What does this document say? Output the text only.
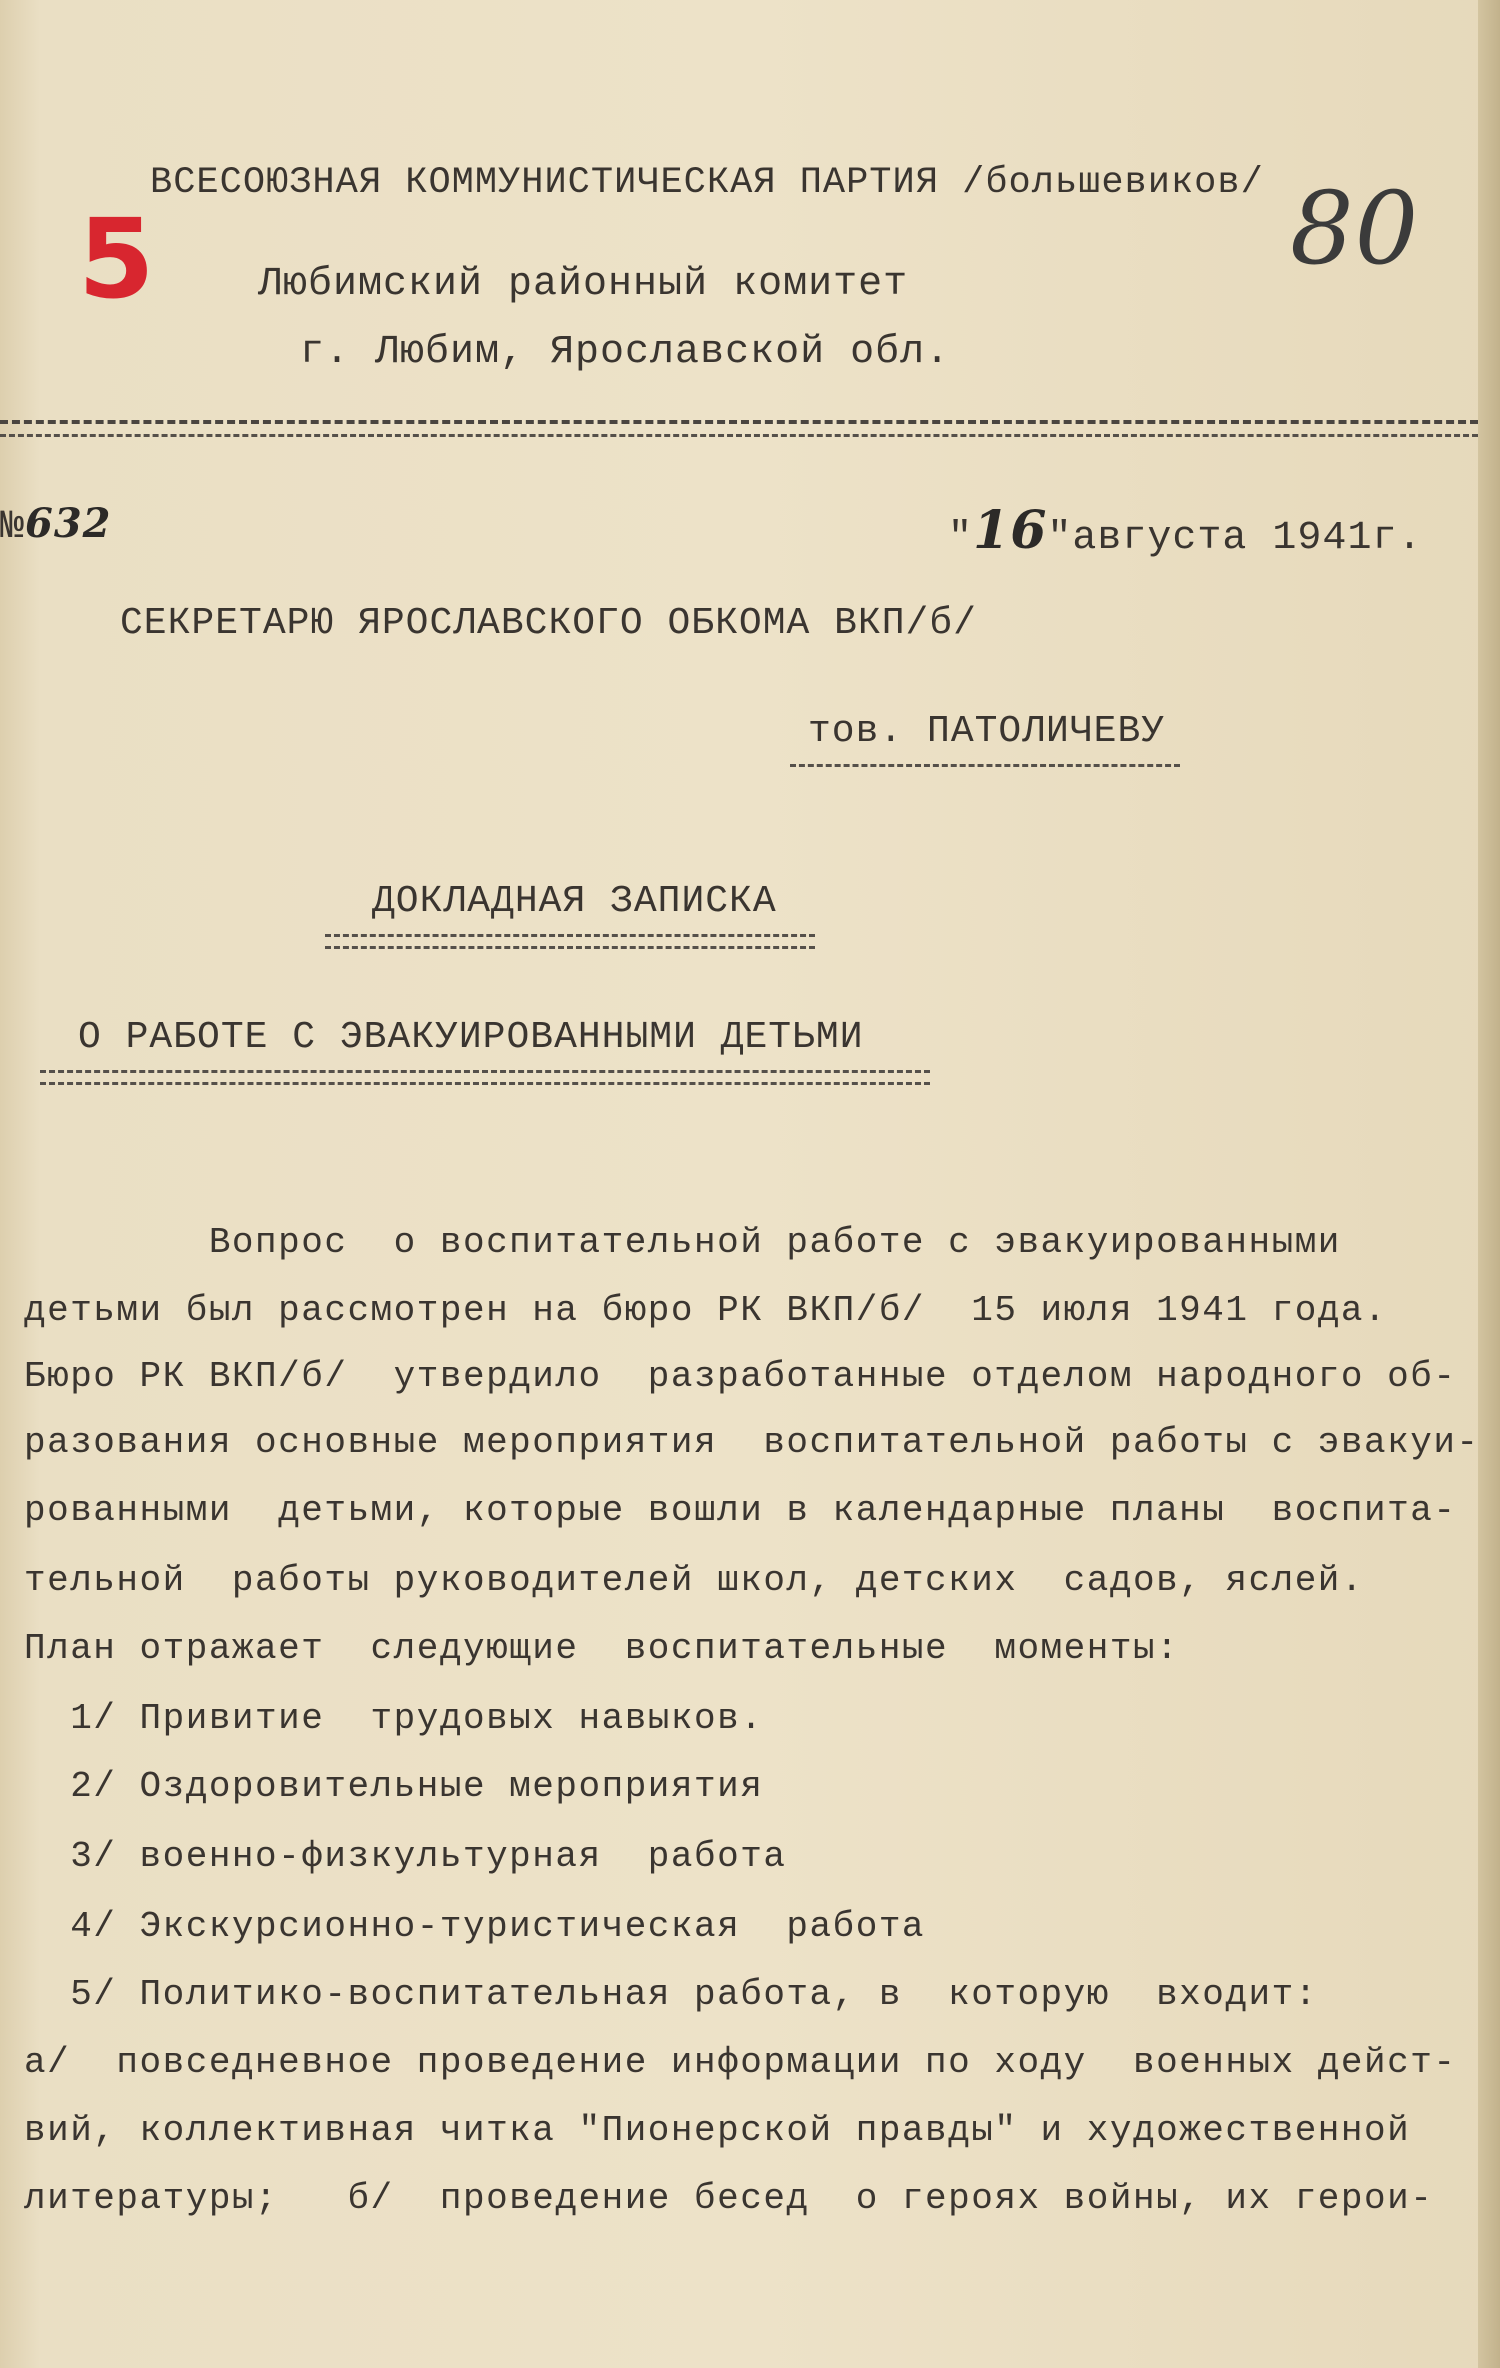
ВСЕСОЮЗНАЯ КОММУНИСТИЧЕСКАЯ ПАРТИЯ /большевиков/
5	80
Любимский районный комитет
г. Любим, Ярославской обл.
№632	"16"августа 1941г.
СЕКРЕТАРЮ ЯРОСЛАВСКОГО ОБКОМА ВКП/б/
тов. ПАТОЛИЧЕВУ
ДОКЛАДНАЯ ЗАПИСКА
О РАБОТЕ С ЭВАКУИРОВАННЫМИ ДЕТЬМИ
Вопрос  о воспитательной работе с эвакуированными
детьми был рассмотрен на бюро РК ВКП/б/  15 июля 1941 года.
Бюро РК ВКП/б/  утвердило  разработанные отделом народного об-
разования основные мероприятия  воспитательной работы с эвакуи-
рованными  детьми, которые вошли в календарные планы  воспита-
тельной  работы руководителей школ, детских  садов, яслей.
План отражает  следующие  воспитательные  моменты:
1/ Привитие  трудовых навыков.
2/ Оздоровительные мероприятия
3/ военно-физкультурная  работа
4/ Экскурсионно-туристическая  работа
5/ Политико-воспитательная работа, в  которую  входит:
а/  повседневное проведение информации по ходу  военных дейст-
вий, коллективная читка "Пионерской правды" и художественной
литературы;   б/  проведение бесед  о героях войны, их герои-
